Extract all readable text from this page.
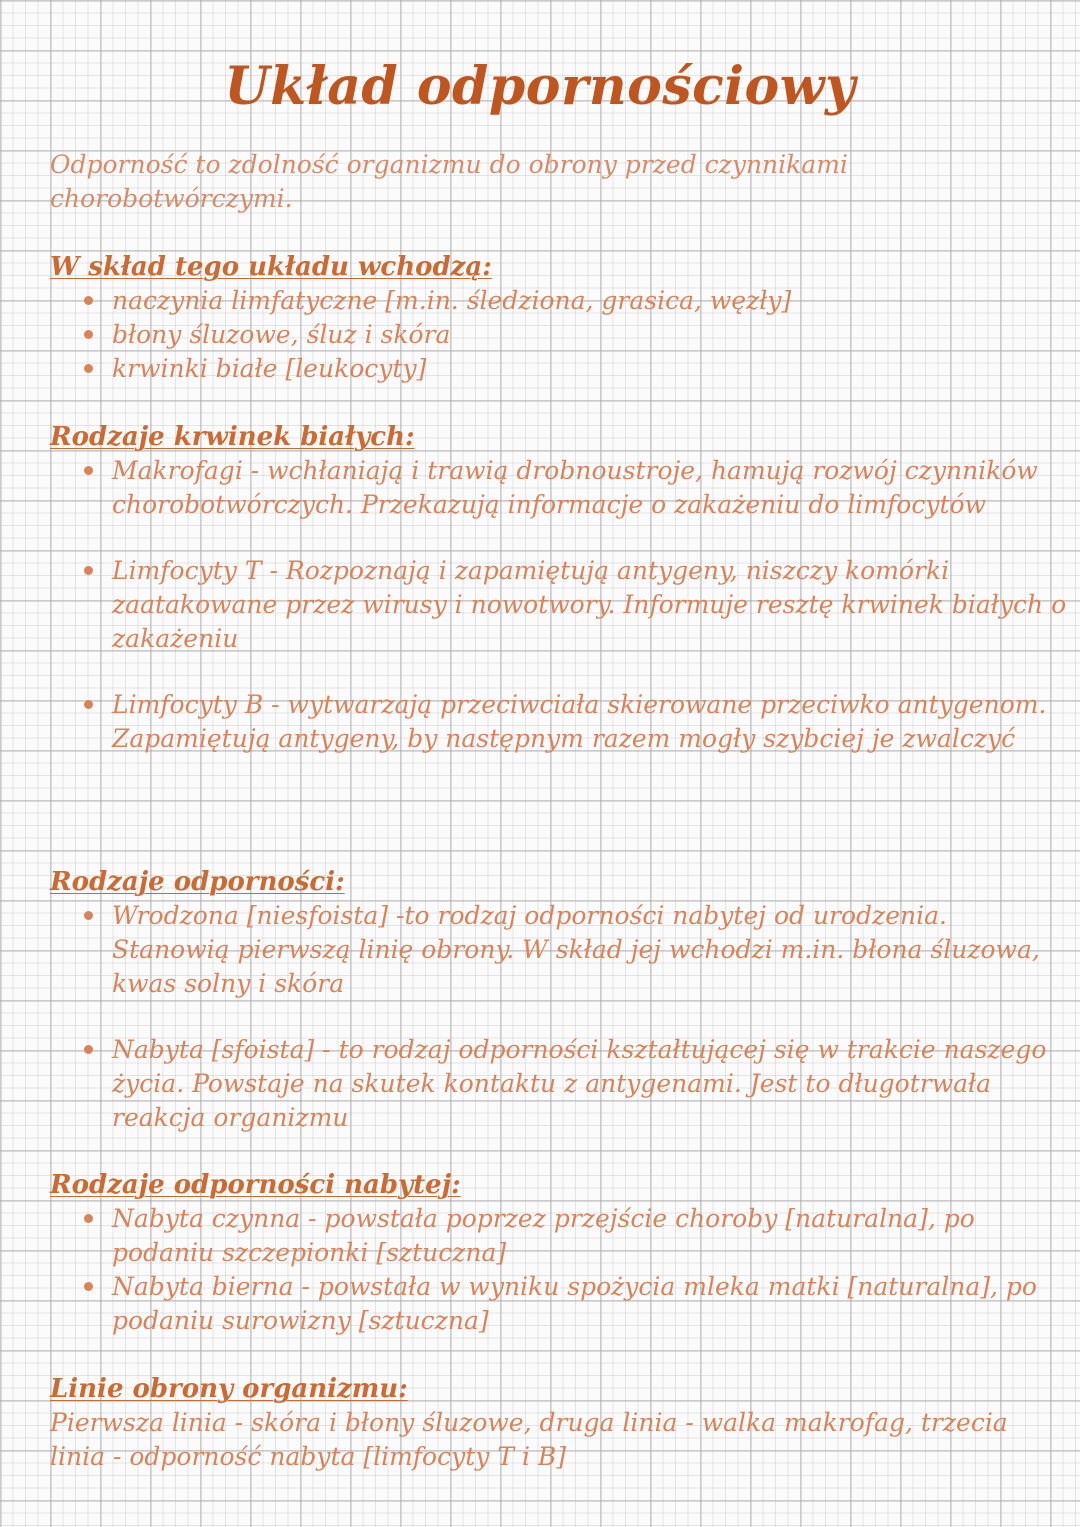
Układ odpornościowy
Odporność to zdolność organizmu do obrony przed czynnikami chorobotwórczymi.
W skład tego układu wchodzą:
naczynia limfatyczne [m.in. śledziona, grasica, węzły]
błony śluzowe, śluz i skóra
krwinki białe [leukocyty]
Rodzaje krwinek białych:
Makrofagi - wchłaniają i trawią drobnoustroje, hamują rozwój czynników chorobotwórczych. Przekazują informacje o zakażeniu do limfocytów
Limfocyty T - Rozpoznają i zapamiętują antygeny, niszczy komórki zaatakowane przez wirusy i nowotwory. Informuje resztę krwinek białych o zakażeniu
Limfocyty B - wytwarzają przeciwciała skierowane przeciwko antygenom. Zapamiętują antygeny, by następnym razem mogły szybciej je zwalczyć
Rodzaje odporności:
Wrodzona [niesfoista] -to rodzaj odporności nabytej od urodzenia. Stanowią pierwszą linię obrony. W skład jej wchodzi m.in. błona śluzowa, kwas solny i skóra
Nabyta [sfoista] - to rodzaj odporności kształtującej się w trakcie naszego życia. Powstaje na skutek kontaktu z antygenami. Jest to długotrwała reakcja organizmu
Rodzaje odporności nabytej:
Nabyta czynna - powstała poprzez przejście choroby [naturalna], po podaniu szczepionki [sztuczna]
Nabyta bierna - powstała w wyniku spożycia mleka matki [naturalna], po podaniu surowizny [sztuczna]
Linie obrony organizmu:
Pierwsza linia - skóra i błony śluzowe, druga linia - walka makrofag, trzecia linia - odporność nabyta [limfocyty T i B]
